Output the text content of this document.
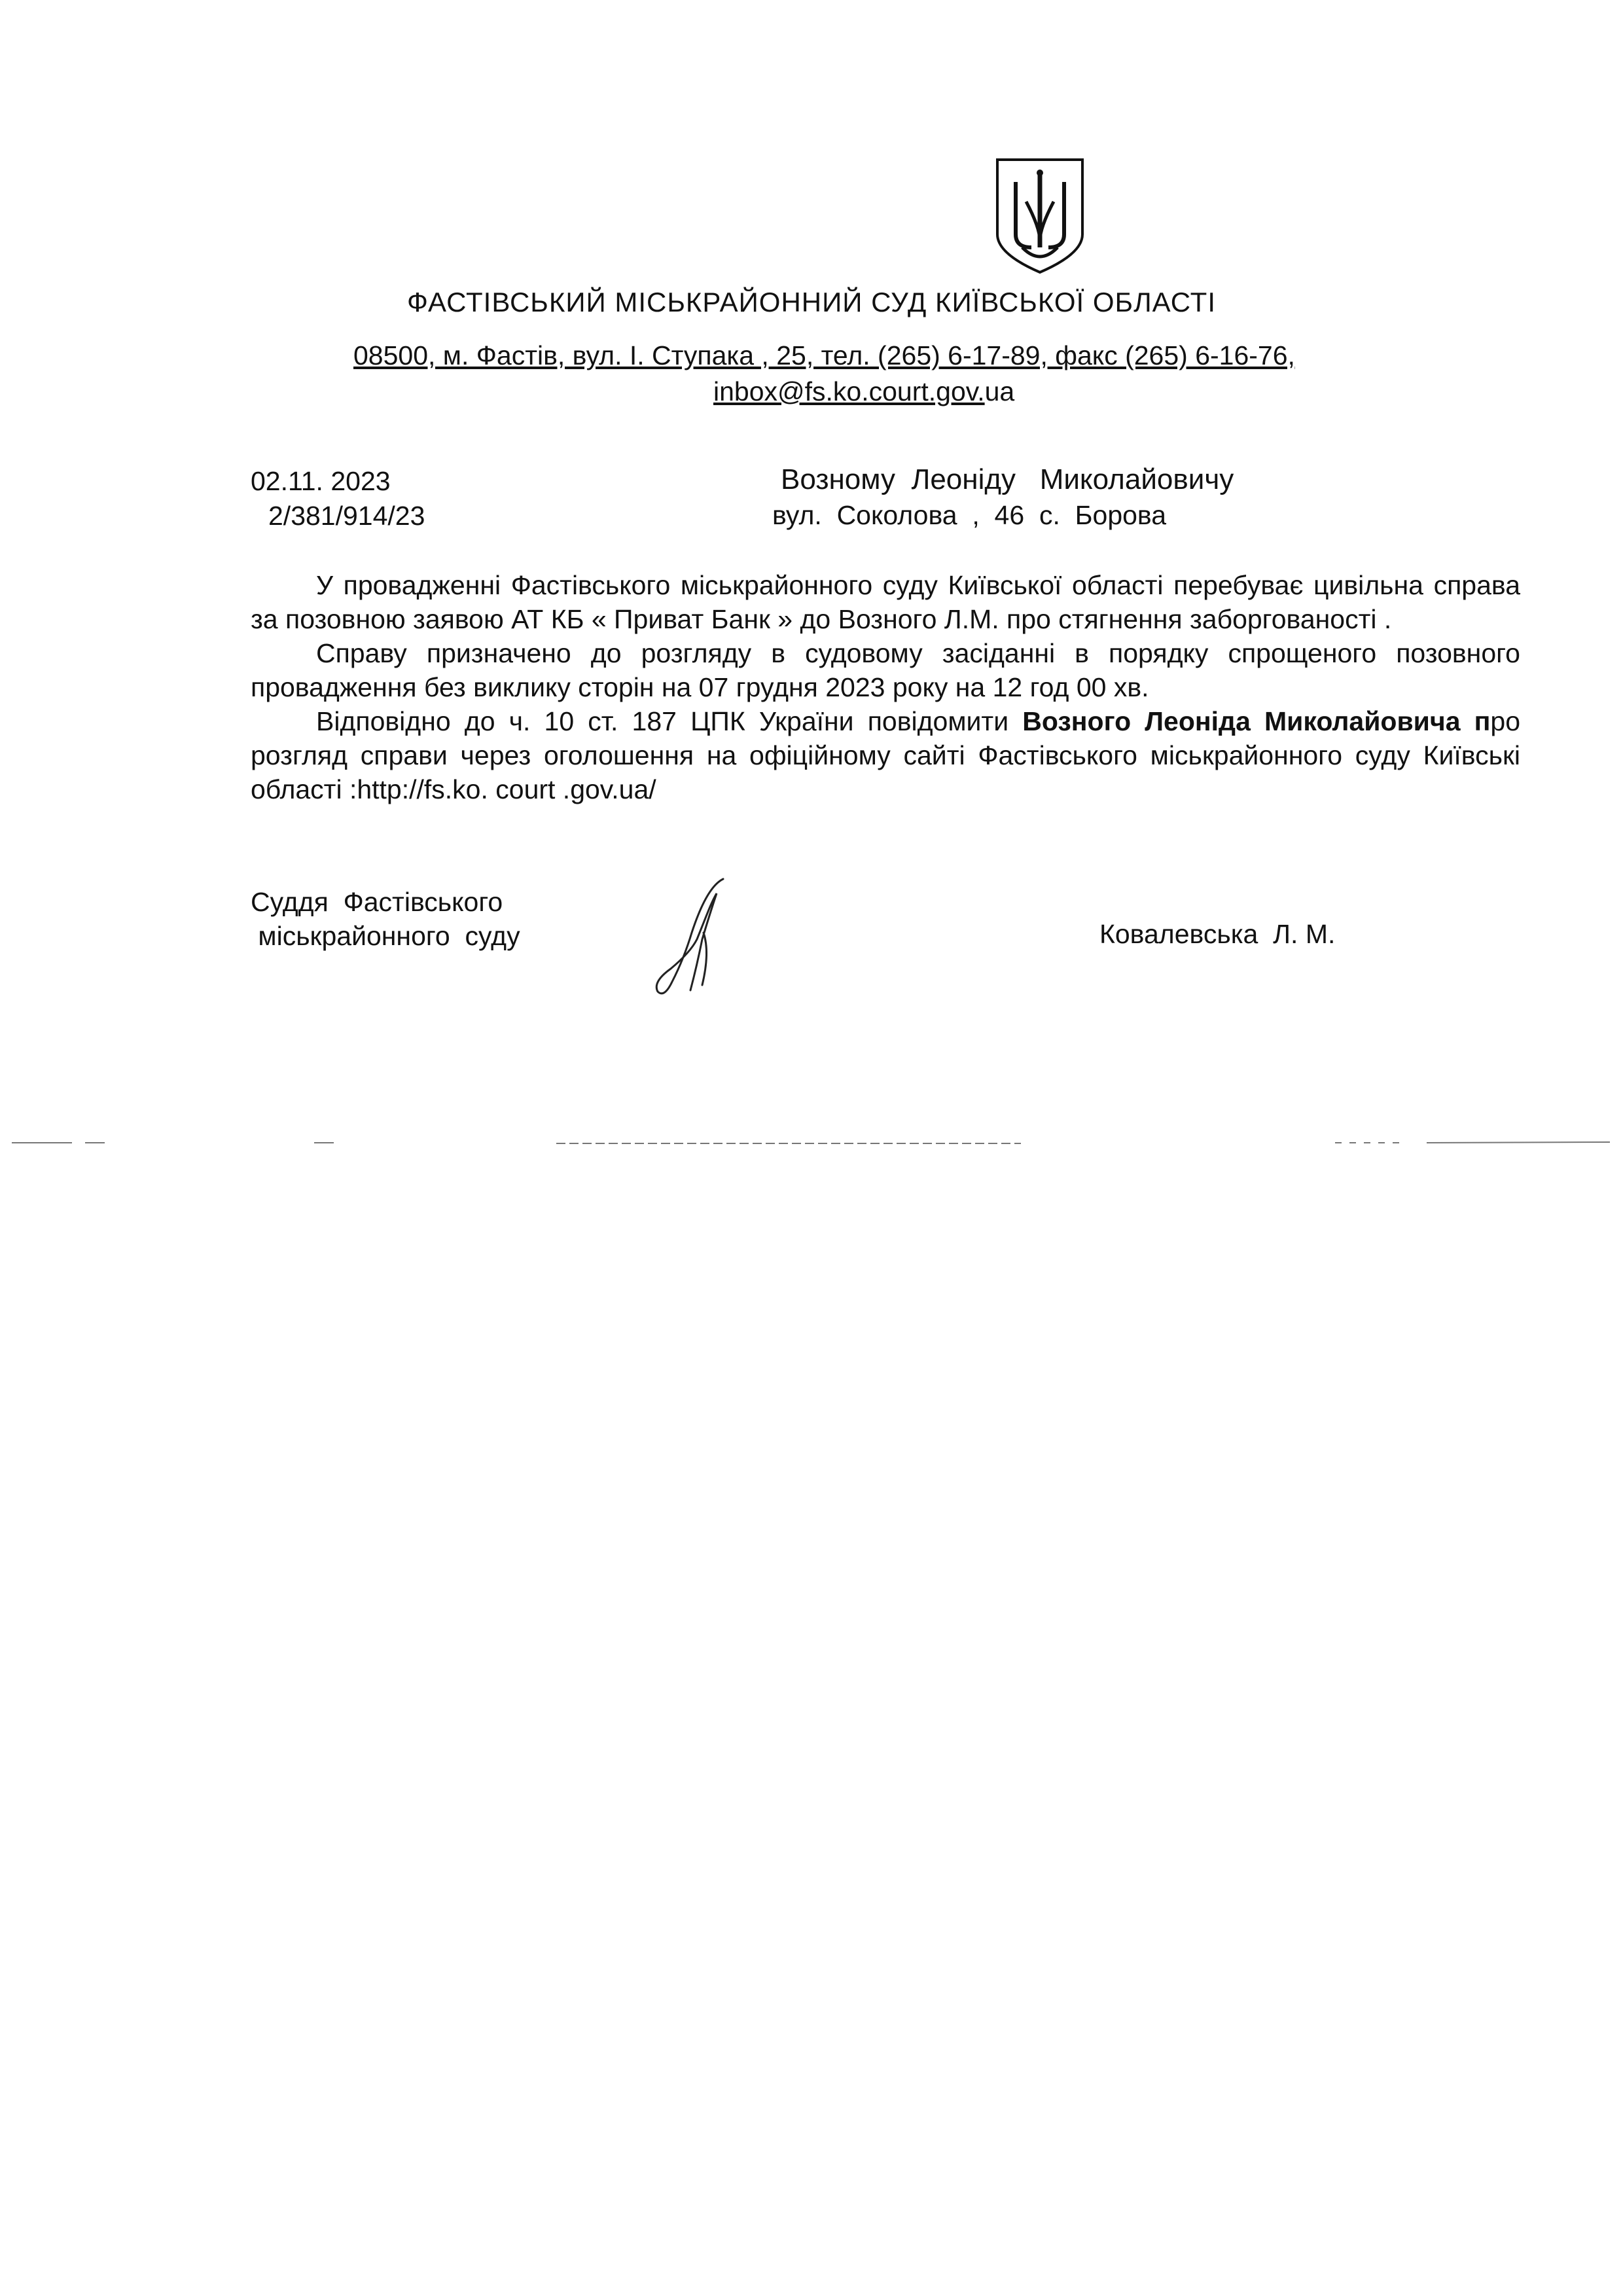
ФАСТІВСЬКИЙ МІСЬКРАЙОННИЙ СУД КИЇВСЬКОЇ ОБЛАСТІ
08500, м. Фастів, вул. І. Ступака , 25, тел. (265) 6-17-89, факс (265) 6-16-76,
inbox@fs.ko.court.gov.ua
02.11. 2023
2/381/914/23
Возному  Леоніду   Миколайовичу
вул.  Соколова  ,  46  с.  Борова

У провадженні Фастівського міськрайонного суду Київської області перебуває цивільна справа за позовною заявою АТ КБ « Приват Банк » до Возного Л.М. про стягнення заборгованості .

Справу призначено до розгляду в судовому засіданні в порядку спрощеного позовного провадження без виклику сторін на 07 грудня 2023 року на 12 год 00 хв.

Відповідно до ч. 10 ст. 187 ЦПК України повідомити Возного Леоніда Миколайовича про розгляд справи через оголошення на офіційному сайті Фастівського міськрайонного суду Київські області :http://fs.ko. court .gov.ua/

Суддя  Фастівського
міськрайонного  суду	Ковалевська  Л. М.
